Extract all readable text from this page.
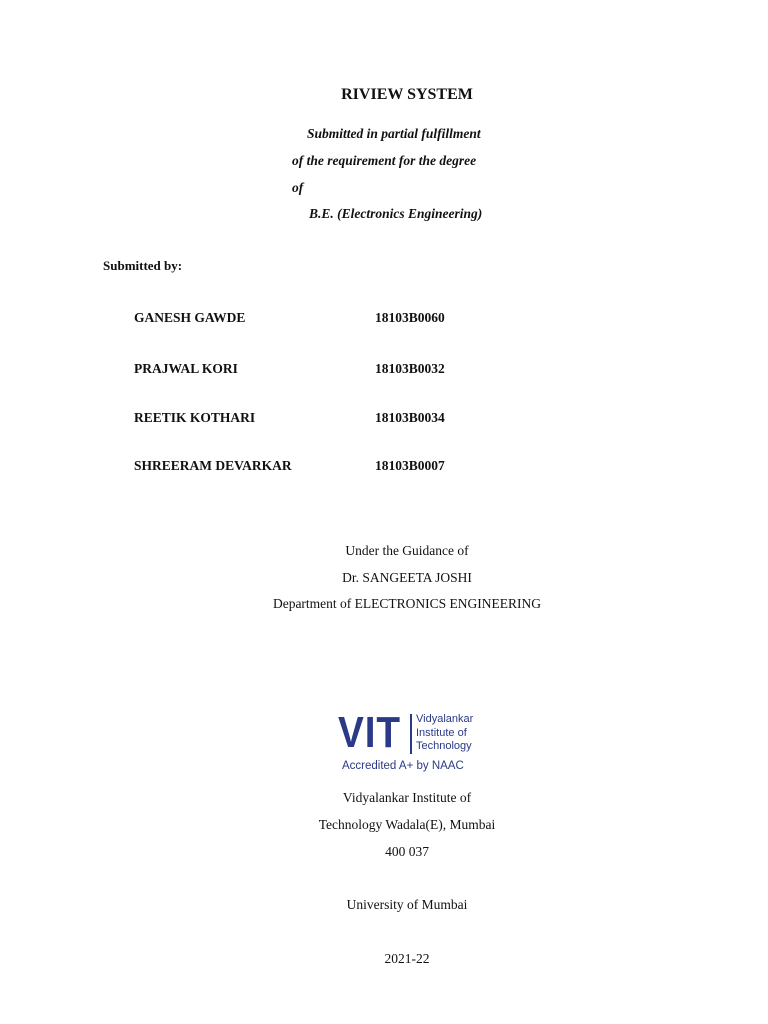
RIVIEW SYSTEM
Submitted in partial fulfillment
of the requirement for the degree
of
B.E. (Electronics Engineering)
Submitted by:
GANESH GAWDE	18103B0060
PRAJWAL KORI	18103B0032
REETIK KOTHARI	18103B0034
SHREERAM DEVARKAR	18103B0007
Under the Guidance of
Dr. SANGEETA JOSHI
Department of ELECTRONICS ENGINEERING
VIT Vidyalankar
Institute of
Technology
Accredited A+ by NAAC
Vidyalankar Institute of
Technology Wadala(E), Mumbai
400 037
University of Mumbai
2021-22
